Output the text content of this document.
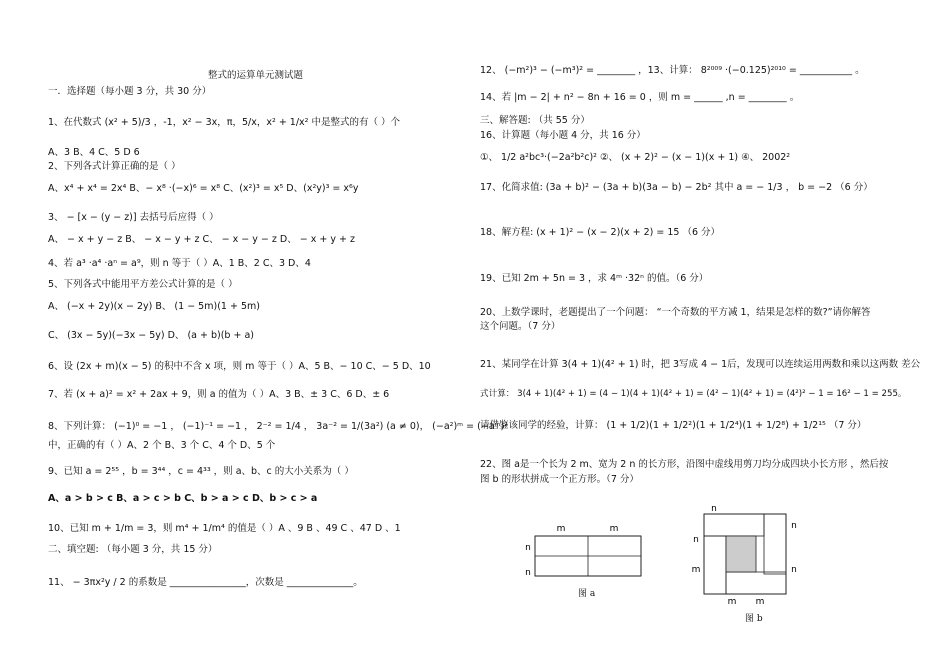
整式的运算单元测试题
一．选择题（每小题 3 分，共 30 分）
1、在代数式 (x² + 5)/3 ，-1，x² − 3x，π，5/x，x² + 1/x² 中是整式的有（ ）个
A、3 B、4 C、5 D 6
2、下列各式计算正确的是（ ）
A、x⁴ + x⁴ = 2x⁴ B、− x⁸ ·(−x)⁶ = x⁸ C、(x²)³ = x⁵ D、(x²y)³ = x⁶y
3、 − [x − (y − z)] 去括号后应得（ ）
A、 − x + y − z B、 − x − y + z C、 − x − y − z D、 − x + y + z
4、若 a³ ·a⁴ ·aⁿ = a⁹，则 n 等于（ ）A、1 B、2 C、3 D、4
5、下列各式中能用平方差公式计算的是（ ）
A、 (−x + 2y)(x − 2y) B、 (1 − 5m)(1 + 5m)
C、 (3x − 5y)(−3x − 5y) D、 (a + b)(b + a)
6、设 (2x + m)(x − 5) 的积中不含 x 项，则 m 等于（ ）A、5 B、− 10 C、− 5 D、10
7、若 (x + a)² = x² + 2ax + 9，则 a 的值为（ ）A、3 B、± 3 C、6 D、± 6
8、下列计算： (−1)⁰ = −1 ， (−1)⁻¹ = −1 ， 2⁻² = 1/4 ， 3a⁻² = 1/(3a²) (a ≠ 0)， (−a²)ᵐ = (−aᵐ)²
中，正确的有（ ）A、2 个 B、3 个 C、4 个 D、5 个
9、已知 a = 2⁵⁵ ，b = 3⁴⁴ ，c = 4³³ ，则 a、b、c 的大小关系为（ ）
A、a > b > c B、a > c > b C、b > a > c D、b > c > a
10、已知 m + 1/m = 3，则 m⁴ + 1/m⁴ 的值是（ ）A 、9 B 、49 C 、47 D 、1
二、填空题: （每小题 3 分，共 15 分）
11、 − 3πx²y / 2 的系数是 ________________，次数是 ______________。
12、 (−m²)³ − (−m³)² = ________ ，13、计算： 8²⁰⁰⁹ ·(−0.125)²⁰¹⁰ = ___________ 。
14、若 |m − 2| + n² − 8n + 16 = 0 ，则 m = ______ ,n = ________ 。
三、解答题: （共 55 分）
16、计算题（每小题 4 分，共 16 分）
①、 1/2 a²bc³·(−2a²b²c)² ②、 (x + 2)² − (x − 1)(x + 1) ④、 2002²
17、化简求值: (3a + b)² − (3a + b)(3a − b) − 2b² 其中 a = − 1/3 ， b = −2 （6 分）
18、解方程: (x + 1)² − (x − 2)(x + 2) = 15 （6 分）
19、已知 2m + 5n = 3 ，求 4ᵐ ·32ⁿ 的值。（6 分）
20、上数学课时，老题提出了一个问题： “一个奇数的平方减 1，结果是怎样的数?”请你解答
这个问题。（7 分）
21、某同学在计算 3(4 + 1)(4² + 1) 时，把 3写成 4 − 1后，发现可以连续运用两数和乘以这两数 差公
式计算： 3(4 + 1)(4² + 1) = (4 − 1)(4 + 1)(4² + 1) = (4² − 1)(4² + 1) = (4²)² − 1 = 16² − 1 = 255。
请借鉴该同学的经验，计算： (1 + 1/2)(1 + 1/2²)(1 + 1/2⁴)(1 + 1/2⁸) + 1/2¹⁵ （7 分）
22、图 a是一个长为 2 m、宽为 2 n 的长方形，沿图中虚线用剪刀均分成四块小长方形 ，然后按
图 b 的形状拼成一个正方形。（7 分）
m	m
n
n
图 a
n
n
m
n
n
m m
图 b
